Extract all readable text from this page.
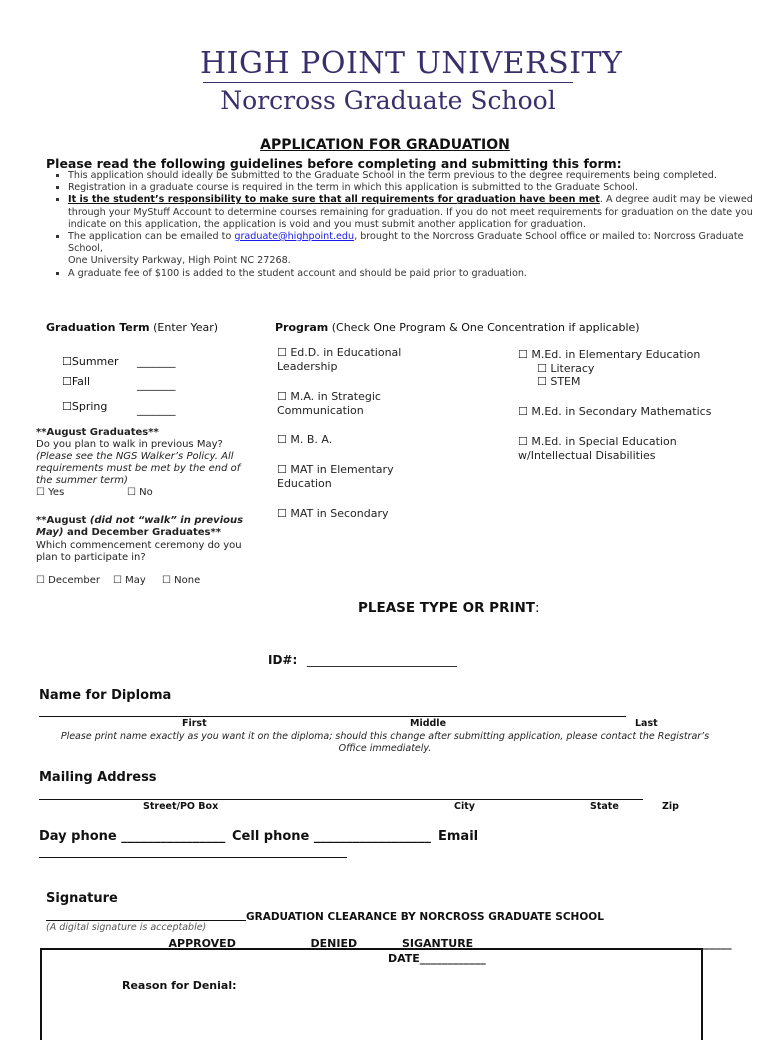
HIGH POINT UNIVERSITY
Norcross Graduate School
APPLICATION FOR GRADUATION
Please read the following guidelines before completing and submitting this form:
▪ This application should ideally be submitted to the Graduate School in the term previous to the degree requirements being completed.
▪ Registration in a graduate course is required in the term in which this application is submitted to the Graduate School.
▪ It is the student’s responsibility to make sure that all requirements for graduation have been met. A degree audit may be viewed through your MyStuff Account to determine courses remaining for graduation. If you do not meet requirements for graduation on the date you indicate on this application, the application is void and you must submit another application for graduation.
▪ The application can be emailed to graduate@highpoint.edu, brought to the Norcross Graduate School office or mailed to: Norcross Graduate School,
One University Parkway, High Point NC 27268.
▪ A graduate fee of $100 is added to the student account and should be paid prior to graduation.
Graduation Term (Enter Year)
☐Summer _______
☐Fall	_______
☐Spring	_______
**August Graduates**
Do you plan to walk in previous May?
(Please see the NGS Walker’s Policy. All
requirements must be met by the end of
the summer term)
☐ Yes	☐ No
**August (did not “walk” in previous
May) and December Graduates**
Which commencement ceremony do you
plan to participate in?
☐ December ☐ May ☐ None
Program (Check One Program & One Concentration if applicable)
☐ Ed.D. in Educational
Leadership
☐ M.A. in Strategic
Communication
☐ M. B. A.
☐ MAT in Elementary
Education
☐ MAT in Secondary
☐ M.Ed. in Elementary Education
☐ Literacy
☐ STEM
☐ M.Ed. in Secondary Mathematics
☐ M.Ed. in Special Education
w/Intellectual Disabilities
PLEASE TYPE OR PRINT:
ID#: _________________________
Name for Diploma
First	Middle	Last
Please print name exactly as you want it on the diploma; should this change after submitting application, please contact the Registrar’s
Office immediately.
Mailing Address
Street/PO Box	City	State	Zip
Day phone ________________ Cell phone __________________ Email
Signature
(A digital signature is acceptable)
GRADUATION CLEARANCE BY NORCROSS GRADUATE SCHOOL
_____APPROVED	_____DENIED	SIGANTURE_______________________________________________
DATE____________
Reason for Denial:
